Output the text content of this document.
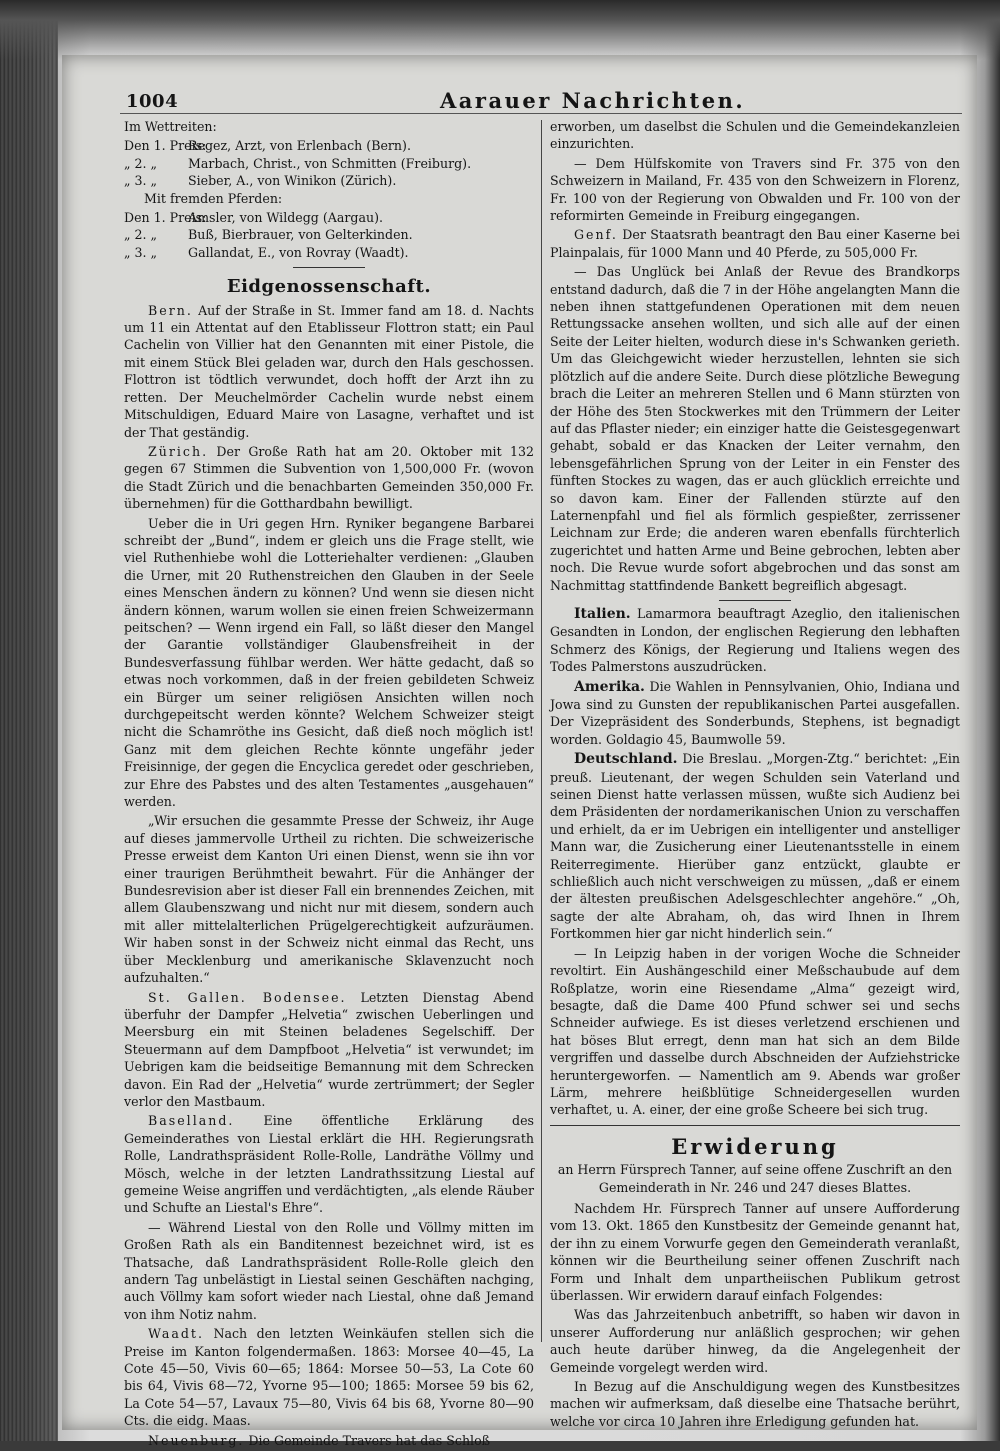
1004	Aarauer Nachrichten.

Im Wettreiten:

Den 1. Preis: Regez, Arzt, von Erlenbach (Bern).
„ 2. „ Marbach, Christ., von Schmitten (Freiburg).
„ 3. „ Sieber, A., von Winikon (Zürich).

Mit fremden Pferden:

Den 1. Preis: Amsler, von Wildegg (Aargau).
„ 2. „ Buß, Bierbrauer, von Gelterkinden.
„ 3. „ Gallandat, E., von Rovray (Waadt).
Eidgenossenschaft.

Bern. Auf der Straße in St. Immer fand am 18. d. Nachts um 11 ein Attentat auf den Etablisseur Flottron statt; ein Paul Cachelin von Villier hat den Genannten mit einer Pistole, die mit einem Stück Blei geladen war, durch den Hals geschossen. Flottron ist tödtlich verwundet, doch hofft der Arzt ihn zu retten. Der Meuchelmörder Cachelin wurde nebst einem Mitschuldigen, Eduard Maire von Lasagne, verhaftet und ist der That geständig.

Zürich. Der Große Rath hat am 20. Oktober mit 132 gegen 67 Stimmen die Subvention von 1,500,000 Fr. (wovon die Stadt Zürich und die benachbarten Gemeinden 350,000 Fr. übernehmen) für die Gotthardbahn bewilligt.

Ueber die in Uri gegen Hrn. Ryniker begangene Barbarei schreibt der „Bund“, indem er gleich uns die Frage stellt, wie viel Ruthenhiebe wohl die Lotteriehalter verdienen: „Glauben die Urner, mit 20 Ruthenstreichen den Glauben in der Seele eines Menschen ändern zu können? Und wenn sie diesen nicht ändern können, warum wollen sie einen freien Schweizermann peitschen? — Wenn irgend ein Fall, so läßt dieser den Mangel der Garantie vollständiger Glaubensfreiheit in der Bundesverfassung fühlbar werden. Wer hätte gedacht, daß so etwas noch vorkommen, daß in der freien gebildeten Schweiz ein Bürger um seiner religiösen Ansichten willen noch durchgepeitscht werden könnte? Welchem Schweizer steigt nicht die Schamröthe ins Gesicht, daß dieß noch möglich ist! Ganz mit dem gleichen Rechte könnte ungefähr jeder Freisinnige, der gegen die Encyclica geredet oder geschrieben, zur Ehre des Pabstes und des alten Testamentes „ausgehauen“ werden.

„Wir ersuchen die gesammte Presse der Schweiz, ihr Auge auf dieses jammervolle Urtheil zu richten. Die schweizerische Presse erweist dem Kanton Uri einen Dienst, wenn sie ihn vor einer traurigen Berühmtheit bewahrt. Für die Anhänger der Bundesrevision aber ist dieser Fall ein brennendes Zeichen, mit allem Glaubenszwang und nicht nur mit diesem, sondern auch mit aller mittelalterlichen Prügelgerechtigkeit aufzuräumen. Wir haben sonst in der Schweiz nicht einmal das Recht, uns über Mecklenburg und amerikanische Sklavenzucht noch aufzuhalten.“

St. Gallen. Bodensee. Letzten Dienstag Abend überfuhr der Dampfer „Helvetia“ zwischen Ueberlingen und Meersburg ein mit Steinen beladenes Segelschiff. Der Steuermann auf dem Dampfboot „Helvetia“ ist verwundet; im Uebrigen kam die beidseitige Bemannung mit dem Schrecken davon. Ein Rad der „Helvetia“ wurde zertrümmert; der Segler verlor den Mastbaum.

Baselland. Eine öffentliche Erklärung des Gemeinderathes von Liestal erklärt die HH. Regierungsrath Rolle, Landrathspräsident Rolle-Rolle, Landräthe Völlmy und Mösch, welche in der letzten Landrathssitzung Liestal auf gemeine Weise angriffen und verdächtigten, „als elende Räuber und Schufte an Liestal's Ehre“.

— Während Liestal von den Rolle und Völlmy mitten im Großen Rath als ein Banditennest bezeichnet wird, ist es Thatsache, daß Landrathspräsident Rolle-Rolle gleich den andern Tag unbelästigt in Liestal seinen Geschäften nachging, auch Völlmy kam sofort wieder nach Liestal, ohne daß Jemand von ihm Notiz nahm.

Waadt. Nach den letzten Weinkäufen stellen sich die Preise im Kanton folgendermaßen. 1863: Morsee 40—45, La Cote 45—50, Vivis 60—65; 1864: Morsee 50—53, La Cote 60 bis 64, Vivis 68—72, Yvorne 95—100; 1865: Morsee 59 bis 62, La Cote 54—57, Lavaux 75—80, Vivis 64 bis 68, Yvorne 80—90 Cts. die eidg. Maas.

Neuenburg. Die Gemeinde Travers hat das Schloß

erworben, um daselbst die Schulen und die Gemeindekanzleien einzurichten.

— Dem Hülfskomite von Travers sind Fr. 375 von den Schweizern in Mailand, Fr. 435 von den Schweizern in Florenz, Fr. 100 von der Regierung von Obwalden und Fr. 100 von der reformirten Gemeinde in Freiburg eingegangen.

Genf. Der Staatsrath beantragt den Bau einer Kaserne bei Plainpalais, für 1000 Mann und 40 Pferde, zu 505,000 Fr.

— Das Unglück bei Anlaß der Revue des Brandkorps entstand dadurch, daß die 7 in der Höhe angelangten Mann die neben ihnen stattgefundenen Operationen mit dem neuen Rettungssacke ansehen wollten, und sich alle auf der einen Seite der Leiter hielten, wodurch diese in's Schwanken gerieth. Um das Gleichgewicht wieder herzustellen, lehnten sie sich plötzlich auf die andere Seite. Durch diese plötzliche Bewegung brach die Leiter an mehreren Stellen und 6 Mann stürzten von der Höhe des 5ten Stockwerkes mit den Trümmern der Leiter auf das Pflaster nieder; ein einziger hatte die Geistesgegenwart gehabt, sobald er das Knacken der Leiter vernahm, den lebensgefährlichen Sprung von der Leiter in ein Fenster des fünften Stockes zu wagen, das er auch glücklich erreichte und so davon kam. Einer der Fallenden stürzte auf den Laternenpfahl und fiel als förmlich gespießter, zerrissener Leichnam zur Erde; die anderen waren ebenfalls fürchterlich zugerichtet und hatten Arme und Beine gebrochen, lebten aber noch. Die Revue wurde sofort abgebrochen und das sonst am Nachmittag stattfindende Bankett begreiflich abgesagt.

Italien. Lamarmora beauftragt Azeglio, den italienischen Gesandten in London, der englischen Regierung den lebhaften Schmerz des Königs, der Regierung und Italiens wegen des Todes Palmerstons auszudrücken.

Amerika. Die Wahlen in Pennsylvanien, Ohio, Indiana und Jowa sind zu Gunsten der republikanischen Partei ausgefallen. Der Vizepräsident des Sonderbunds, Stephens, ist begnadigt worden. Goldagio 45, Baumwolle 59.

Deutschland. Die Breslau. „Morgen-Ztg.“ berichtet: „Ein preuß. Lieutenant, der wegen Schulden sein Vaterland und seinen Dienst hatte verlassen müssen, wußte sich Audienz bei dem Präsidenten der nordamerikanischen Union zu verschaffen und erhielt, da er im Uebrigen ein intelligenter und anstelliger Mann war, die Zusicherung einer Lieutenantsstelle in einem Reiterregimente. Hierüber ganz entzückt, glaubte er schließlich auch nicht verschweigen zu müssen, „daß er einem der ältesten preußischen Adelsgeschlechter angehöre.“ „Oh, sagte der alte Abraham, oh, das wird Ihnen in Ihrem Fortkommen hier gar nicht hinderlich sein.“

— In Leipzig haben in der vorigen Woche die Schneider revoltirt. Ein Aushängeschild einer Meßschaubude auf dem Roßplatze, worin eine Riesendame „Alma“ gezeigt wird, besagte, daß die Dame 400 Pfund schwer sei und sechs Schneider aufwiege. Es ist dieses verletzend erschienen und hat böses Blut erregt, denn man hat sich an dem Bilde vergriffen und dasselbe durch Abschneiden der Aufziehstricke heruntergeworfen. — Namentlich am 9. Abends war großer Lärm, mehrere heißblütige Schneidergesellen wurden verhaftet, u. A. einer, der eine große Scheere bei sich trug.

Erwiderung

an Herrn Fürsprech Tanner, auf seine offene Zuschrift an den Gemeinderath in Nr. 246 und 247 dieses Blattes.

Nachdem Hr. Fürsprech Tanner auf unsere Aufforderung vom 13. Okt. 1865 den Kunstbesitz der Gemeinde genannt hat, der ihn zu einem Vorwurfe gegen den Gemeinderath veranlaßt, können wir die Beurtheilung seiner offenen Zuschrift nach Form und Inhalt dem unpartheiischen Publikum getrost überlassen. Wir erwidern darauf einfach Folgendes:

Was das Jahrzeitenbuch anbetrifft, so haben wir davon in unserer Aufforderung nur anläßlich gesprochen; wir gehen auch heute darüber hinweg, da die Angelegenheit der Gemeinde vorgelegt werden wird.

In Bezug auf die Anschuldigung wegen des Kunstbesitzes machen wir aufmerksam, daß dieselbe eine Thatsache berührt, welche vor circa 10 Jahren ihre Erledigung gefunden hat.
